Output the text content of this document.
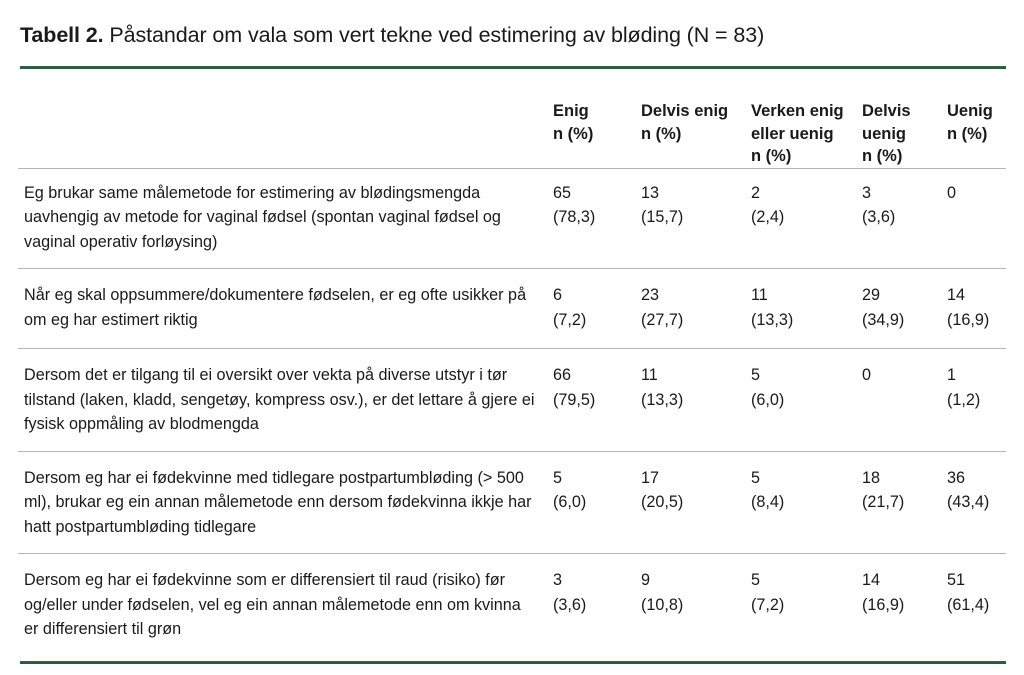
Tabell 2. Påstandar om vala som vert tekne ved estimering av bløding (N = 83)

	Enig
n (%)	Delvis enig
n (%)	Verken enig
eller uenig
n (%)	Delvis
uenig
n (%)	Uenig
n (%)

Eg brukar same målemetode for estimering av blødingsmengda uavhengig av metode for vaginal fødsel (spontan vaginal fødsel og vaginal operativ forløysing)	65
(78,3)	13
(15,7)	2
(2,4)	3
(3,6)	0

Når eg skal oppsummere/dokumentere fødselen, er eg ofte usikker på om eg har estimert riktig	6
(7,2)	23
(27,7)	11
(13,3)	29
(34,9)	14
(16,9)

Dersom det er tilgang til ei oversikt over vekta på diverse utstyr i tør tilstand (laken, kladd, sengetøy, kompress osv.), er det lettare å gjere ei fysisk oppmåling av blodmengda	66
(79,5)	11
(13,3)	5
(6,0)	0	1
(1,2)

Dersom eg har ei fødekvinne med tidlegare postpartumbløding (> 500 ml), brukar eg ein annan målemetode enn dersom fødekvinna ikkje har hatt postpartumbløding tidlegare	5
(6,0)	17
(20,5)	5
(8,4)	18
(21,7)	36
(43,4)

Dersom eg har ei fødekvinne som er differensiert til raud (risiko) før og/eller under fødselen, vel eg ein annan målemetode enn om kvinna er differensiert til grøn	3
(3,6)	9
(10,8)	5
(7,2)	14
(16,9)	51
(61,4)
